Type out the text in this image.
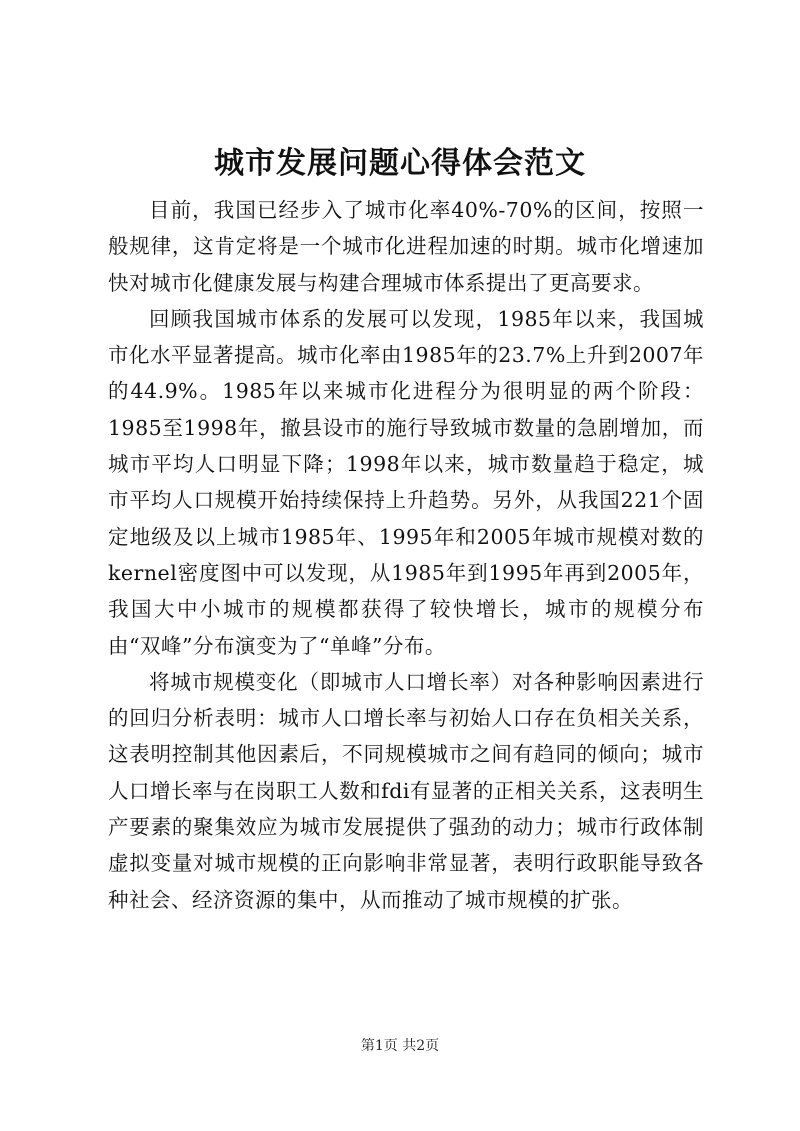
城市发展问题心得体会范文

目前，我国已经步入了城市化率40%-70%的区间，按照一般规律，这肯定将是一个城市化进程加速的时期。城市化增速加快对城市化健康发展与构建合理城市体系提出了更高要求。

回顾我国城市体系的发展可以发现，1985年以来，我国城市化水平显著提高。城市化率由1985年的23.7%上升到2007年的44.9%。1985年以来城市化进程分为很明显的两个阶段：1985至1998年，撤县设市的施行导致城市数量的急剧增加，而城市平均人口明显下降；1998年以来，城市数量趋于稳定，城市平均人口规模开始持续保持上升趋势。另外，从我国221个固定地级及以上城市1985年、1995年和2005年城市规模对数的kernel密度图中可以发现，从1985年到1995年再到2005年，我国大中小城市的规模都获得了较快增长，城市的规模分布由“双峰”分布演变为了“单峰”分布。

将城市规模变化（即城市人口增长率）对各种影响因素进行的回归分析表明：城市人口增长率与初始人口存在负相关关系，这表明控制其他因素后，不同规模城市之间有趋同的倾向；城市人口增长率与在岗职工人数和fdi有显著的正相关关系，这表明生产要素的聚集效应为城市发展提供了强劲的动力；城市行政体制虚拟变量对城市规模的正向影响非常显著，表明行政职能导致各种社会、经济资源的集中，从而推动了城市规模的扩张。

第1页 共2页
